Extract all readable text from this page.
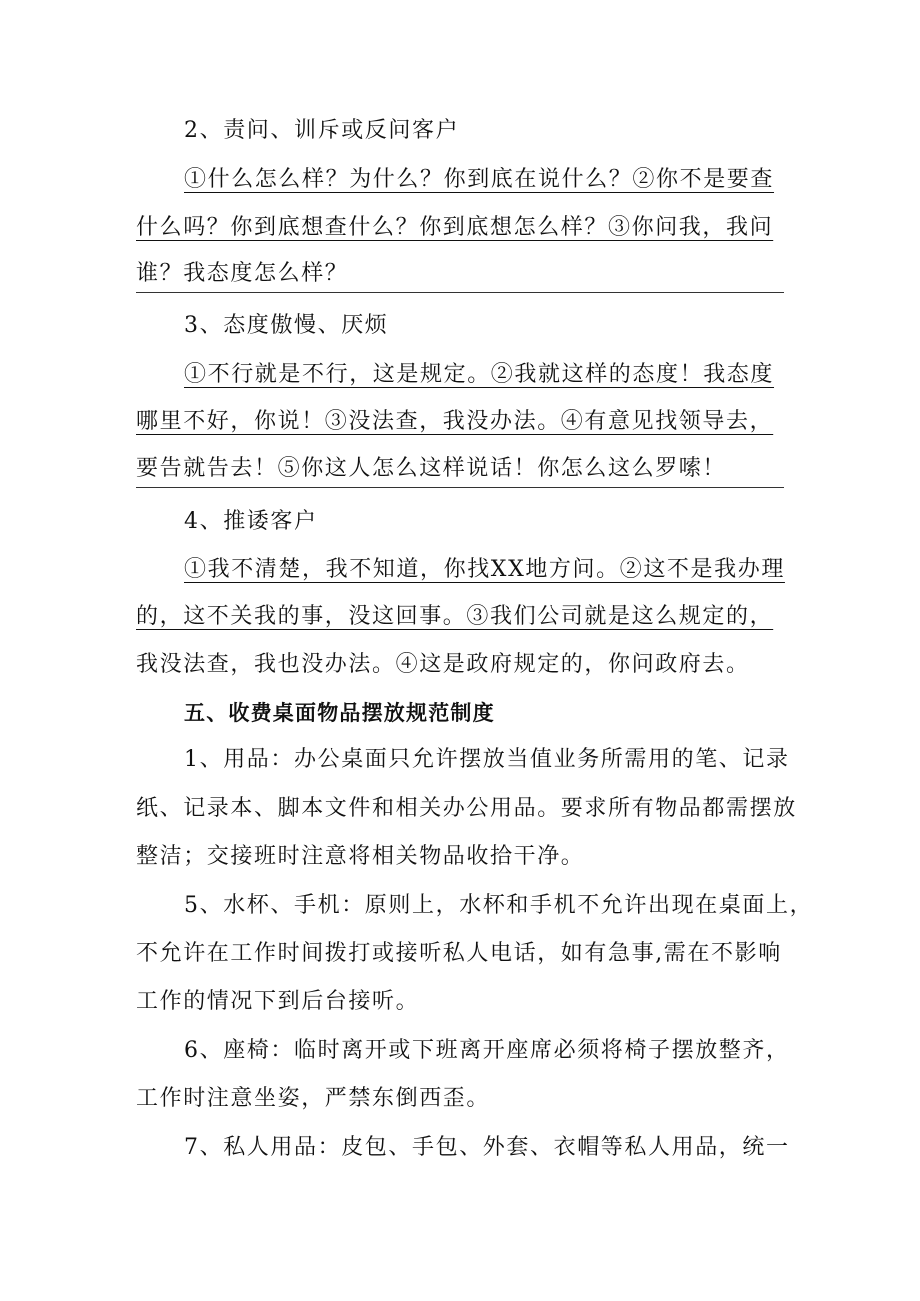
2、责问、训斥或反问客户
①什么怎么样？为什么？你到底在说什么？②你不是要查
什么吗？你到底想查什么？你到底想怎么样？③你问我，我问
谁？我态度怎么样？
3、态度傲慢、厌烦
①不行就是不行，这是规定。②我就这样的态度！我态度
哪里不好，你说！③没法查，我没办法。④有意见找领导去，
要告就告去！⑤你这人怎么这样说话！你怎么这么罗嗦！
4、推诿客户
①我不清楚，我不知道，你找XX地方问。②这不是我办理
的，这不关我的事，没这回事。③我们公司就是这么规定的，
我没法查，我也没办法。④这是政府规定的，你问政府去。
五、收费桌面物品摆放规范制度
1、用品：办公桌面只允许摆放当值业务所需用的笔、记录
纸、记录本、脚本文件和相关办公用品。要求所有物品都需摆放
整洁；交接班时注意将相关物品收拾干净。
5、水杯、手机：原则上，水杯和手机不允许出现在桌面上，
不允许在工作时间拨打或接听私人电话，如有急事,需在不影响
工作的情况下到后台接听。
6、座椅：临时离开或下班离开座席必须将椅子摆放整齐，
工作时注意坐姿，严禁东倒西歪。
7、私人用品：皮包、手包、外套、衣帽等私人用品，统一
